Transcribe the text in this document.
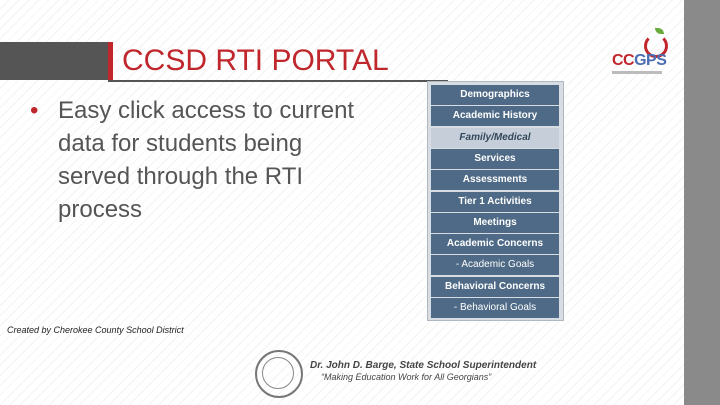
CCSD RTI PORTAL
• Easy click access to current data for students being served through the RTI process
Created by Cherokee County School District
CCGPS
Demographics
Academic History
Family/Medical
Services
Assessments
Tier 1 Activities
Meetings
Academic Concerns
- Academic Goals
Behavioral Concerns
- Behavioral Goals
Dr. John D. Barge, State School Superintendent
“Making Education Work for All Georgians”
